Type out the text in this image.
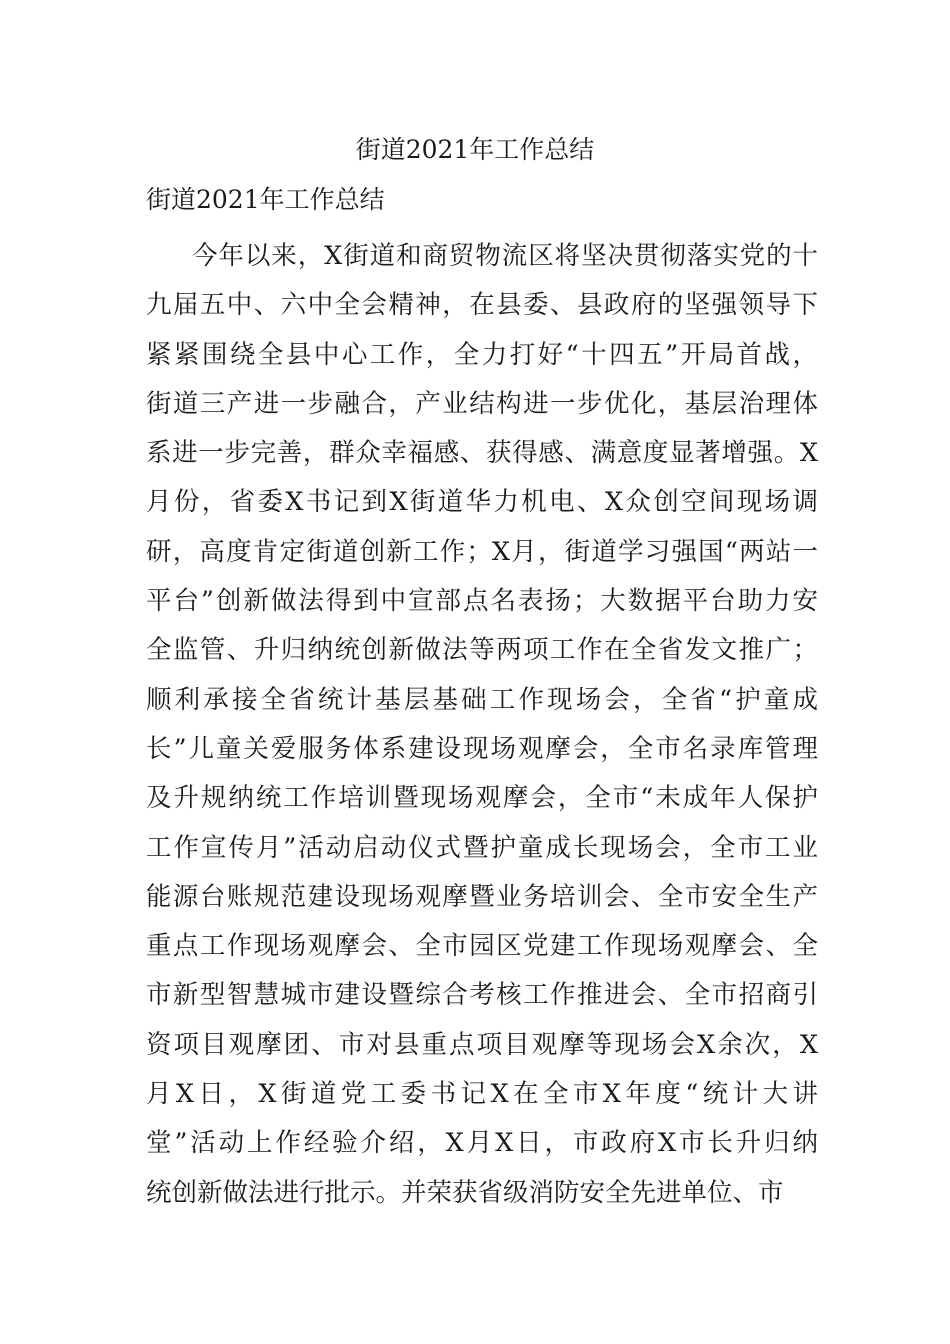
街道2021年工作总结
街道2021年工作总结

今年以来，X街道和商贸物流区将坚决贯彻落实党的十
九届五中、六中全会精神，在县委、县政府的坚强领导下
紧紧围绕全县中心工作，全力打好“十四五”开局首战，
街道三产进一步融合，产业结构进一步优化，基层治理体
系进一步完善，群众幸福感、获得感、满意度显著增强。X
月份，省委X书记到X街道华力机电、X众创空间现场调
研，高度肯定街道创新工作；X月，街道学习强国“两站一
平台”创新做法得到中宣部点名表扬；大数据平台助力安
全监管、升归纳统创新做法等两项工作在全省发文推广；
顺利承接全省统计基层基础工作现场会，全省“护童成
长”儿童关爱服务体系建设现场观摩会，全市名录库管理
及升规纳统工作培训暨现场观摩会，全市“未成年人保护
工作宣传月”活动启动仪式暨护童成长现场会，全市工业
能源台账规范建设现场观摩暨业务培训会、全市安全生产
重点工作现场观摩会、全市园区党建工作现场观摩会、全
市新型智慧城市建设暨综合考核工作推进会、全市招商引
资项目观摩团、市对县重点项目观摩等现场会X余次，X
月X日，X街道党工委书记X在全市X年度“统计大讲
堂”活动上作经验介绍，X月X日，市政府X市长升归纳
统创新做法进行批示。并荣获省级消防安全先进单位、市
